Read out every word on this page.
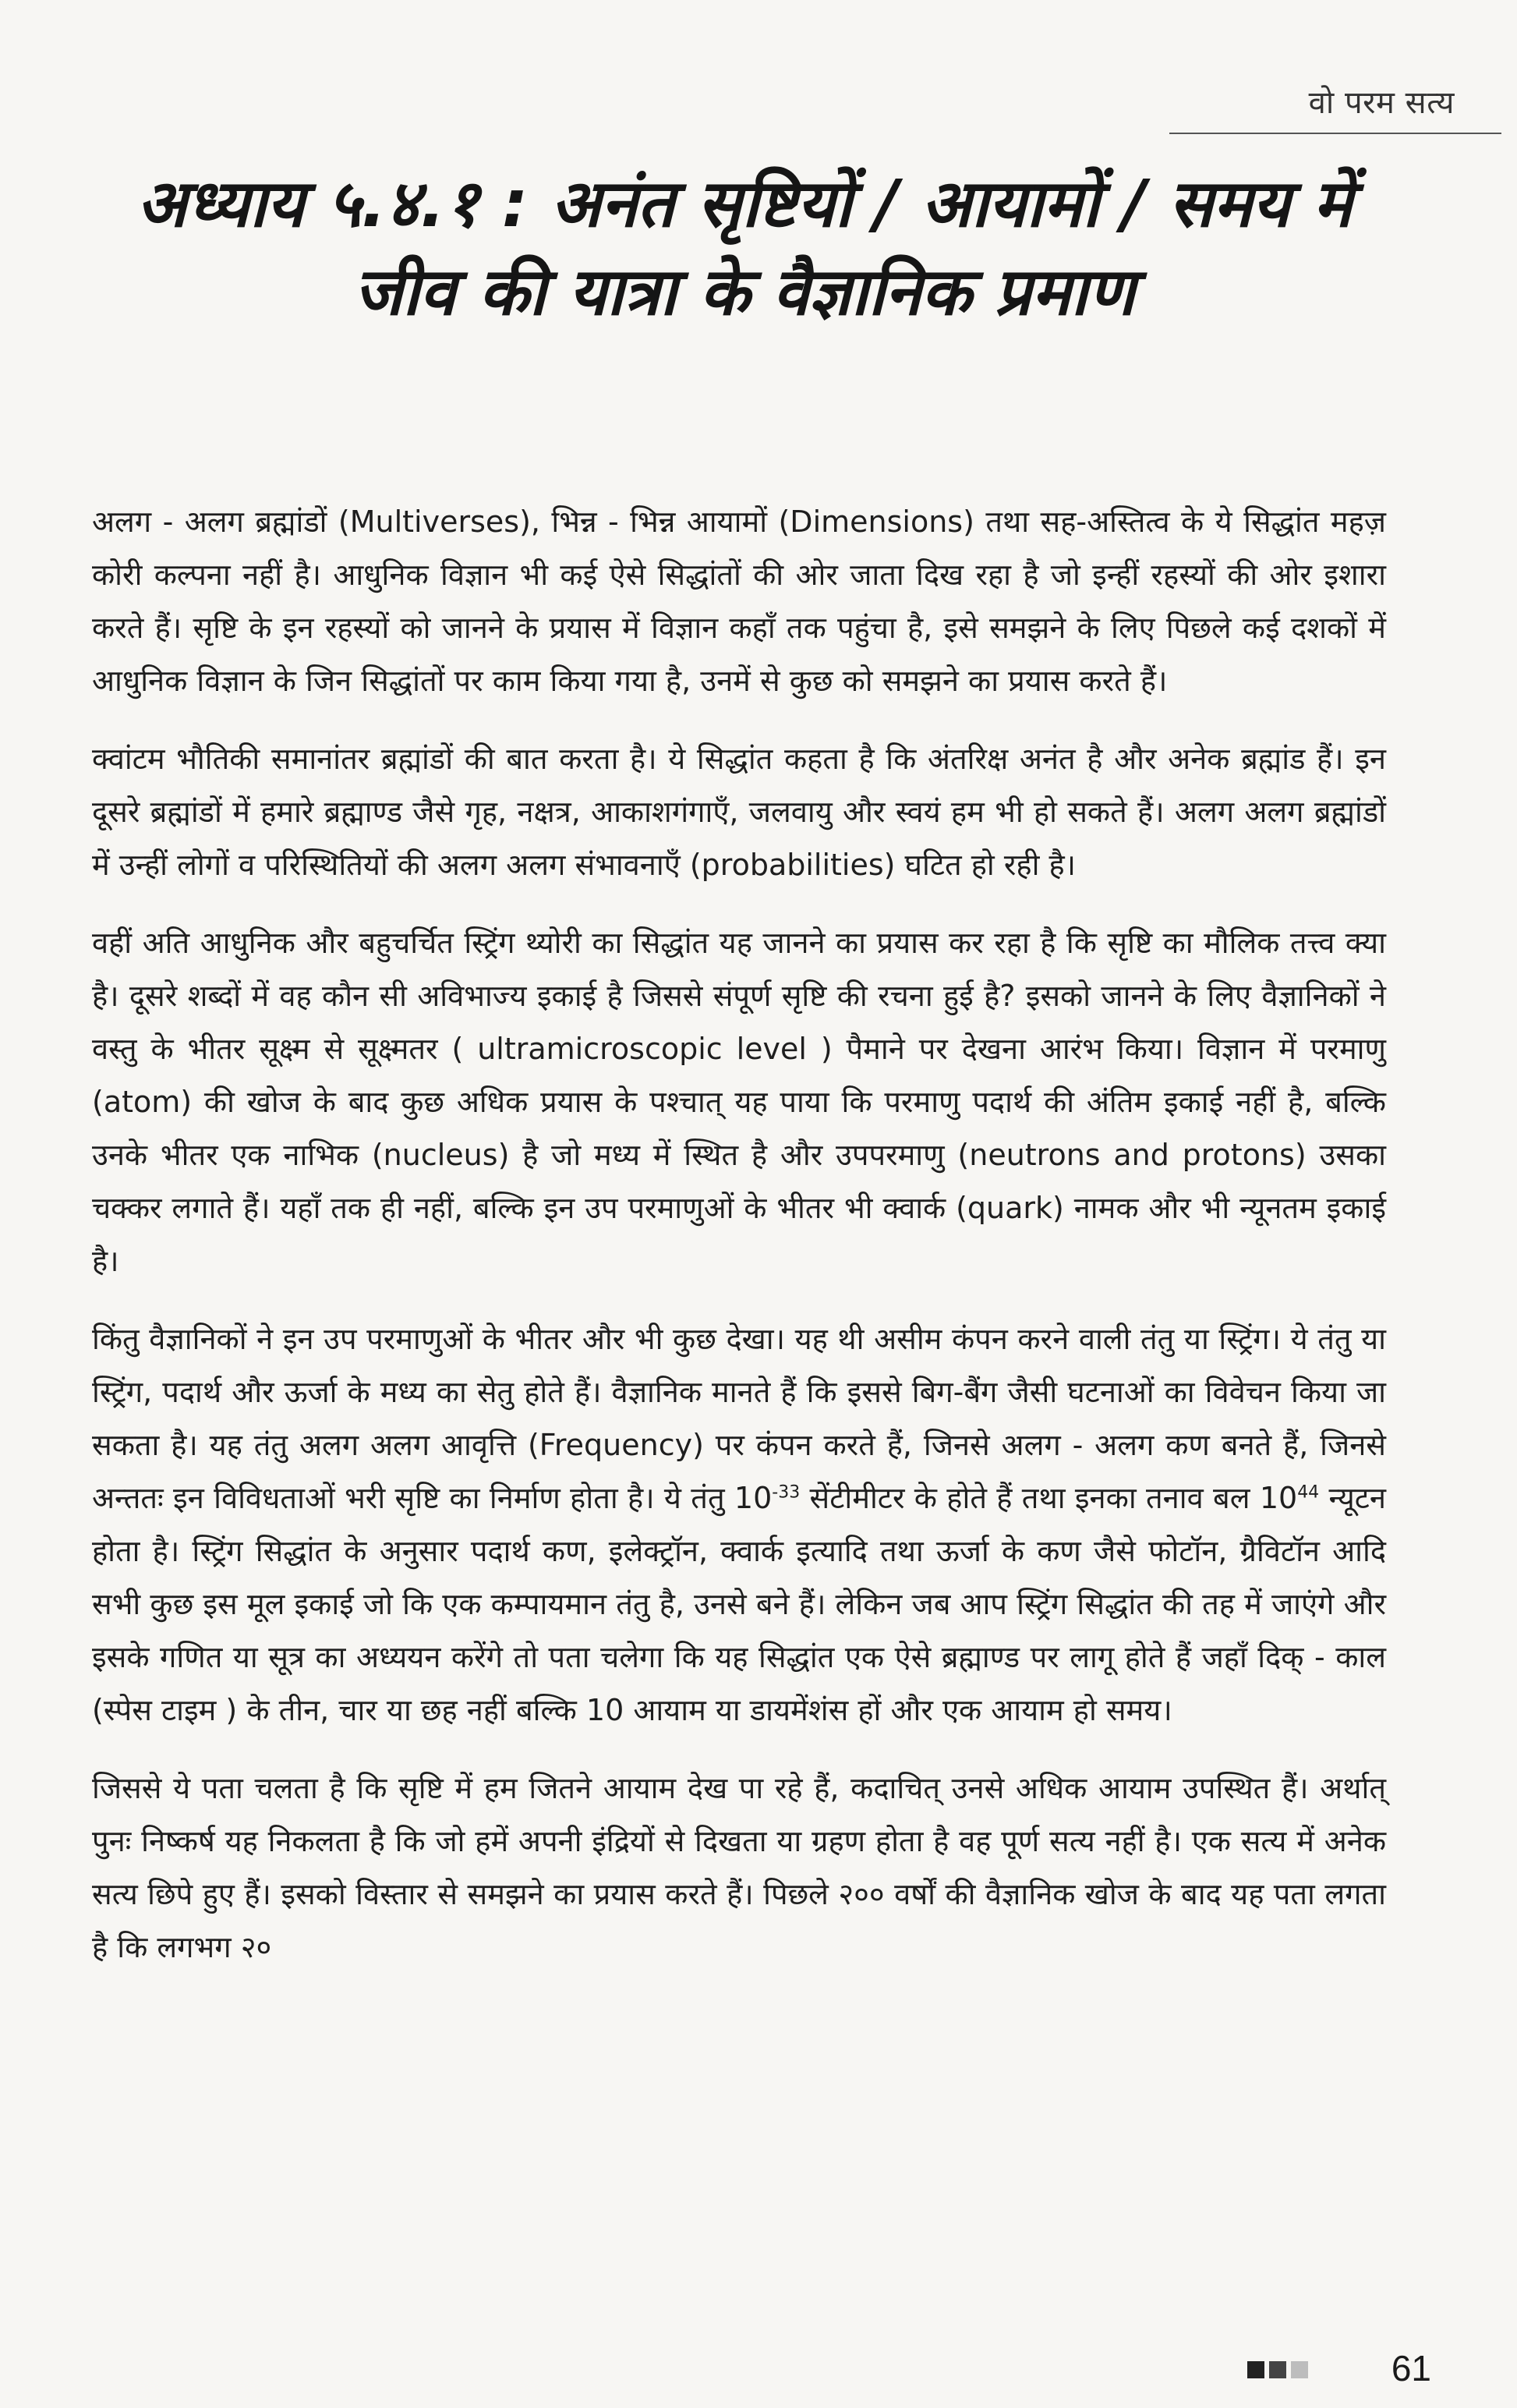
वो परम सत्य
अध्याय ५.४.१ : अनंत सृष्टियों / आयामों / समय में
जीव की यात्रा के वैज्ञानिक प्रमाण

अलग - अलग ब्रह्मांडों (Multiverses), भिन्न - भिन्न आयामों (Dimensions) तथा सह-अस्तित्व के ये सिद्धांत महज़ कोरी कल्पना नहीं है। आधुनिक विज्ञान भी कई ऐसे सिद्धांतों की ओर जाता दिख रहा है जो इन्हीं रहस्यों की ओर इशारा करते हैं। सृष्टि के इन रहस्यों को जानने के प्रयास में विज्ञान कहाँ तक पहुंचा है, इसे समझने के लिए पिछले कई दशकों में आधुनिक विज्ञान के जिन सिद्धांतों पर काम किया गया है, उनमें से कुछ को समझने का प्रयास करते हैं।

क्वांटम भौतिकी समानांतर ब्रह्मांडों की बात करता है। ये सिद्धांत कहता है कि अंतरिक्ष अनंत है और अनेक ब्रह्मांड हैं। इन दूसरे ब्रह्मांडों में हमारे ब्रह्माण्ड जैसे गृह, नक्षत्र, आकाशगंगाएँ, जलवायु और स्वयं हम भी हो सकते हैं। अलग अलग ब्रह्मांडों में उन्हीं लोगों व परिस्थितियों की अलग अलग संभावनाएँ (probabilities) घटित हो रही है।

वहीं अति आधुनिक और बहुचर्चित स्ट्रिंग थ्योरी का सिद्धांत यह जानने का प्रयास कर रहा है कि सृष्टि का मौलिक तत्त्व क्या है। दूसरे शब्दों में वह कौन सी अविभाज्य इकाई है जिससे संपूर्ण सृष्टि की रचना हुई है? इसको जानने के लिए वैज्ञानिकों ने वस्तु के भीतर सूक्ष्म से सूक्ष्मतर ( ultramicroscopic level ) पैमाने पर देखना आरंभ किया। विज्ञान में परमाणु (atom) की खोज के बाद कुछ अधिक प्रयास के पश्चात् यह पाया कि परमाणु पदार्थ की अंतिम इकाई नहीं है, बल्कि उनके भीतर एक नाभिक (nucleus) है जो मध्य में स्थित है और उपपरमाणु (neutrons and protons) उसका चक्कर लगाते हैं। यहाँ तक ही नहीं, बल्कि इन उप परमाणुओं के भीतर भी क्वार्क (quark) नामक और भी न्यूनतम इकाई है।

किंतु वैज्ञानिकों ने इन उप परमाणुओं के भीतर और भी कुछ देखा। यह थी असीम कंपन करने वाली तंतु या स्ट्रिंग। ये तंतु या स्ट्रिंग, पदार्थ और ऊर्जा के मध्य का सेतु होते हैं। वैज्ञानिक मानते हैं कि इससे बिग-बैंग जैसी घटनाओं का विवेचन किया जा सकता है। यह तंतु अलग अलग आवृत्ति (Frequency) पर कंपन करते हैं, जिनसे अलग - अलग कण बनते हैं, जिनसे अन्ततः इन विविधताओं भरी सृष्टि का निर्माण होता है। ये तंतु $10^{-33}$ सेंटीमीटर के होते हैं तथा इनका तनाव बल $10^{44}$ न्यूटन होता है। स्ट्रिंग सिद्धांत के अनुसार पदार्थ कण, इलेक्ट्रॉन, क्वार्क इत्यादि तथा ऊर्जा के कण जैसे फोटॉन, ग्रैविटॉन आदि सभी कुछ इस मूल इकाई जो कि एक कम्पायमान तंतु है, उनसे बने हैं। लेकिन जब आप स्ट्रिंग सिद्धांत की तह में जाएंगे और इसके गणित या सूत्र का अध्ययन करेंगे तो पता चलेगा कि यह सिद्धांत एक ऐसे ब्रह्माण्ड पर लागू होते हैं जहाँ दिक् - काल (स्पेस टाइम ) के तीन, चार या छह नहीं बल्कि 10 आयाम या डायमेंशंस हों और एक आयाम हो समय।

जिससे ये पता चलता है कि सृष्टि में हम जितने आयाम देख पा रहे हैं, कदाचित् उनसे अधिक आयाम उपस्थित हैं। अर्थात् पुनः निष्कर्ष यह निकलता है कि जो हमें अपनी इंद्रियों से दिखता या ग्रहण होता है वह पूर्ण सत्य नहीं है। एक सत्य में अनेक सत्य छिपे हुए हैं। इसको विस्तार से समझने का प्रयास करते हैं। पिछले २०० वर्षों की वैज्ञानिक खोज के बाद यह पता लगता है कि लगभग २०

61
